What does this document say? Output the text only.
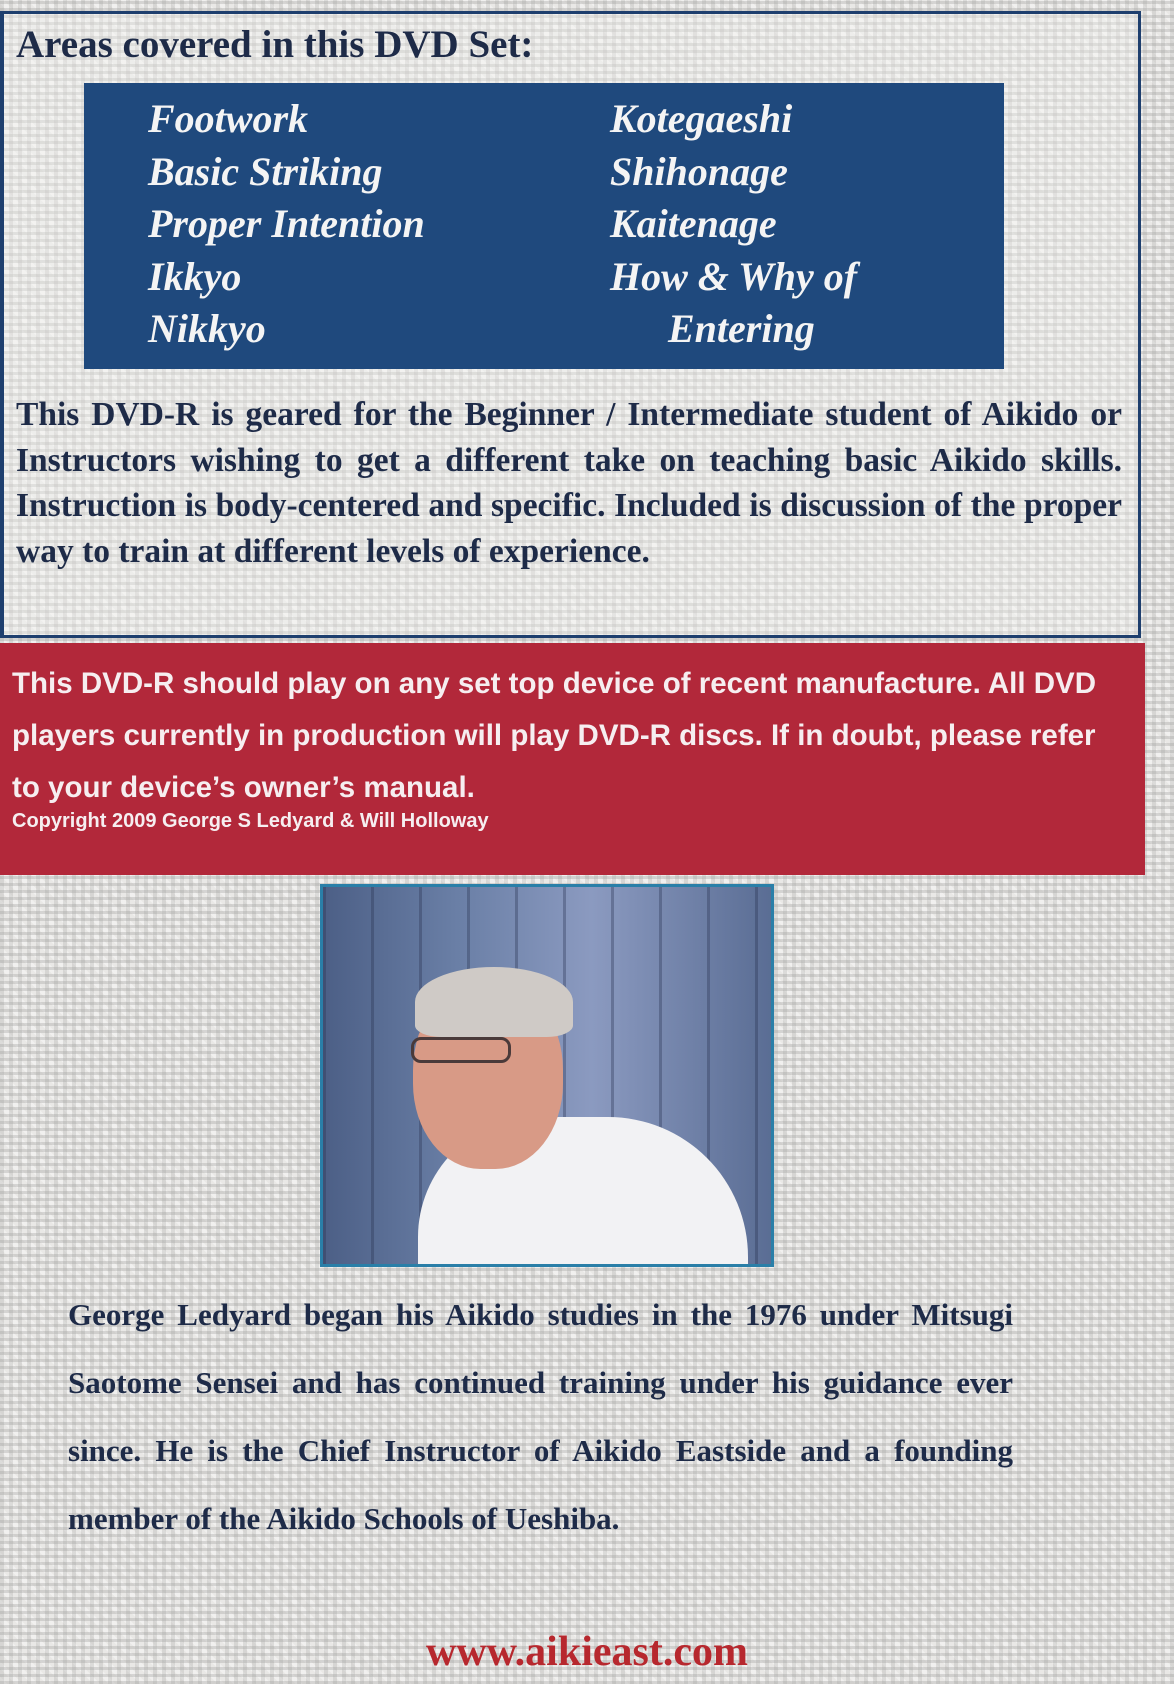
Areas covered in this DVD Set:
Footwork
Basic Striking
Proper Intention
Ikkyo
Nikkyo
Kotegaeshi
Shihonage
Kaitenage
How & Why of
Entering

This DVD-R is geared for the Beginner / Intermediate student of Aikido or Instructors wishing to get a different take on teaching basic Aikido skills. Instruction is body-centered and specific. Included is discussion of the proper way to train at different levels of experience.

This DVD-R should play on any set top device of recent manufacture. All DVD players currently in production will play DVD-R discs. If in doubt, please refer to your device’s owner’s manual.
Copyright 2009 George S Ledyard & Will Holloway

George Ledyard began his Aikido studies in the 1976 under Mitsugi Saotome Sensei and has continued training under his guidance ever since. He is the Chief Instructor of Aikido Eastside and a founding member of the Aikido Schools of Ueshiba.

www.aikieast.com
